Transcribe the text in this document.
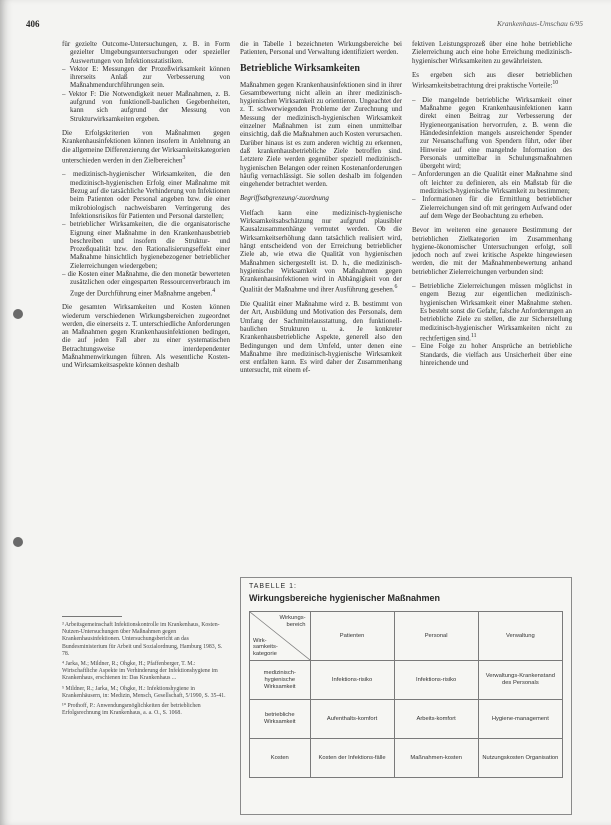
406	Krankenhaus-Umschau 6/95
für gezielte Outcome-Untersuchungen, z. B. in Form gezielter Umgebungsuntersuchungen oder spezieller Auswertungen von Infektionsstatistiken.
– Vektor E: Messungen der Prozeßwirksamkeit können ihrerseits Anlaß zur Verbesserung von Maßnahmendurchführungen sein.
– Vektor F: Die Notwendigkeit neuer Maßnahmen, z. B. aufgrund von funktionell-baulichen Gegebenheiten, kann sich aufgrund der Messung von Strukturwirksamkeiten ergeben.

Die Erfolgskriterien von Maßnahmen gegen Krankenhausinfektionen können insofern in Anlehnung an die allgemeine Differenzierung der Wirksamkeitskategorien unterschieden werden in den Zielbereichen$^3$

– medizinisch-hygienischer Wirksamkeiten, die den medizinisch-hygienischen Erfolg einer Maßnahme mit Bezug auf die tatsächliche Verhinderung von Infektionen beim Patienten oder Personal angeben bzw. die einer mikrobiologisch nachweisbaren Verringerung des Infektionsrisikos für Patienten und Personal darstellen;
– betrieblicher Wirksamkeiten, die die organisatorische Eignung einer Maßnahme in den Krankenhausbetrieb beschreiben und insofern die Struktur- und Prozeßqualität bzw. den Rationalisierungseffekt einer Maßnahme hinsichtlich hygienebezogener betrieblicher Zielerreichungen wiedergeben;
– die Kosten einer Maßnahme, die den monetär bewerteten zusätzlichen oder eingesparten Ressourcenverbrauch im Zuge der Durchführung einer Maßnahme angeben.$^4$

Die gesamten Wirksamkeiten und Kosten können wiederum verschiedenen Wirkungsbereichen zugeordnet werden, die einerseits z. T. unterschiedliche Anforderungen an Maßnahmen gegen Krankenhausinfektionen bedingen, die auf jeden Fall aber zu einer systematischen Betrachtungsweise interdependenter Maßnahmenwirkungen führen. Als wesentliche Kosten- und Wirksamkeitsaspekte können deshalb

³ Arbeitsgemeinschaft Infektionskontrolle im Krankenhaus, Kosten-Nutzen-Untersuchungen über Maßnahmen gegen Krankenhausinfektionen. Untersuchungsbericht an das Bundesministerium für Arbeit und Sozialordnung, Hamburg 1983, S. 78.

⁴ Jarka, M.; Mildner, R.; Ohgke, H.; Pfaffenberger, T. M.: Wirtschaftliche Aspekte im Verhinderung der Infektionshygiene im Krankenhaus, erschienen in: Das Krankenhaus ...

⁵ Mildner, R.; Jarka, M.; Ohgke, H.: Infektionshygiene in Krankenhäusern, in: Medizin, Mensch, Gesellschaft, 5/1990, S. 35-41.

¹⁰ Prothoff, P.: Anwendungsmöglichkeiten der betrieblichen Erfolgsrechnung im Krankenhaus, a. a. O., S. 1068.

die in Tabelle 1 bezeichneten Wirkungsbereiche bei Patienten, Personal und Verwaltung identifiziert werden.

Betriebliche Wirksamkeiten

Maßnahmen gegen Krankenhausinfektionen sind in ihrer Gesamtbewertung nicht allein an ihrer medizinisch-hygienischen Wirksamkeit zu orientieren. Ungeachtet der z. T. schwerwiegenden Probleme der Zurechnung und Messung der medizinisch-hygienischen Wirksamkeit einzelner Maßnahmen ist zum einen unmittelbar einsichtig, daß die Maßnahmen auch Kosten verursachen. Darüber hinaus ist es zum anderen wichtig zu erkennen, daß krankenhausbetriebliche Ziele betroffen sind. Letztere Ziele werden gegenüber speziell medizinisch-hygienischen Belangen oder reinen Kostenanforderungen häufig vernachlässigt. Sie sollen deshalb im folgenden eingehender betrachtet werden.

Begriffsabgrenzung/-zuordnung

Vielfach kann eine medizinisch-hygienische Wirksamkeitsabschätzung nur aufgrund plausibler Kausalzusammenhänge vermutet werden. Ob die Wirksamkeitserhöhung dann tatsächlich realisiert wird, hängt entscheidend von der Erreichung betrieblicher Ziele ab, wie etwa die Qualität von hygienischen Maßnahmen sichergestellt ist. D. h., die medizinisch-hygienische Wirksamkeit von Maßnahmen gegen Krankenhausinfektionen wird in Abhängigkeit von der Qualität der Maßnahme und ihrer Ausführung gesehen.$^6$

Die Qualität einer Maßnahme wird z. B. bestimmt von der Art, Ausbildung und Motivation des Personals, dem Umfang der Sachmittelausstattung, den funktionell-baulichen Strukturen u. a. Je konkreter Krankenhausbetriebliche Aspekte, generell also den Bedingungen und dem Umfeld, unter denen eine Maßnahme ihre medizinisch-hygienische Wirksamkeit erst entfalten kann. Es wird daher der Zusammenhang untersucht, mit einem ef-

fektiven Leistungsprozeß über eine hohe betriebliche Zielerreichung auch eine hohe Erreichung medizinisch-hygienischer Wirksamkeiten zu gewährleisten.

Es ergeben sich aus dieser betrieblichen Wirksamkeitsbetrachtung drei praktische Vorteile:$^{10}$

– Die mangelnde betriebliche Wirksamkeit einer Maßnahme gegen Krankenhausinfektionen kann direkt einen Beitrag zur Verbesserung der Hygieneorganisation hervorrufen, z. B. wenn die Händedesinfektion mangels ausreichender Spender zur Neuanschaffung von Spendern führt, oder über Hinweise auf eine mangelnde Information des Personals unmittelbar in Schulungsmaßnahmen übergeht wird;
– Anforderungen an die Qualität einer Maßnahme sind oft leichter zu definieren, als ein Maßstab für die medizinisch-hygienische Wirksamkeit zu bestimmen;
– Informationen für die Ermittlung betrieblicher Zielerreichungen sind oft mit geringem Aufwand oder auf dem Wege der Beobachtung zu erheben.

Bevor im weiteren eine genauere Bestimmung der betrieblichen Zielkategorien im Zusammenhang hygiene-ökonomischer Untersuchungen erfolgt, soll jedoch noch auf zwei kritische Aspekte hingewiesen werden, die mit der Maßnahmenbewertung anhand betrieblicher Zielerreichungen verbunden sind:

– Betriebliche Zielerreichungen müssen möglichst in engem Bezug zur eigentlichen medizinisch-hygienischen Wirksamkeit einer Maßnahme stehen. Es besteht sonst die Gefahr, falsche Anforderungen an betriebliche Ziele zu stellen, die zur Sicherstellung medizinisch-hygienischer Wirksamkeiten nicht zu rechtfertigen sind.$^{11}$
– Eine Folge zu hoher Ansprüche an betriebliche Standards, die vielfach aus Unsicherheit über eine hinreichende und
TABELLE 1:
Wirkungsbereiche hygienischer Maßnahmen
Wirkungs-
bereich
Wirk-
samkeits-
kategorie	Patienten	Personal	Verwaltung
medizinisch-hygienische Wirksamkeit	Infektions-risiko	Infektions-risiko	Verwaltungs-Krankenstand des Personals
betriebliche Wirksamkeit	Aufenthalts-komfort	Arbeits-komfort	Hygiene-management
Kosten	Kosten der Infektions-fälle	Maßnahmen-kosten	Nutzungskosten Organisation
